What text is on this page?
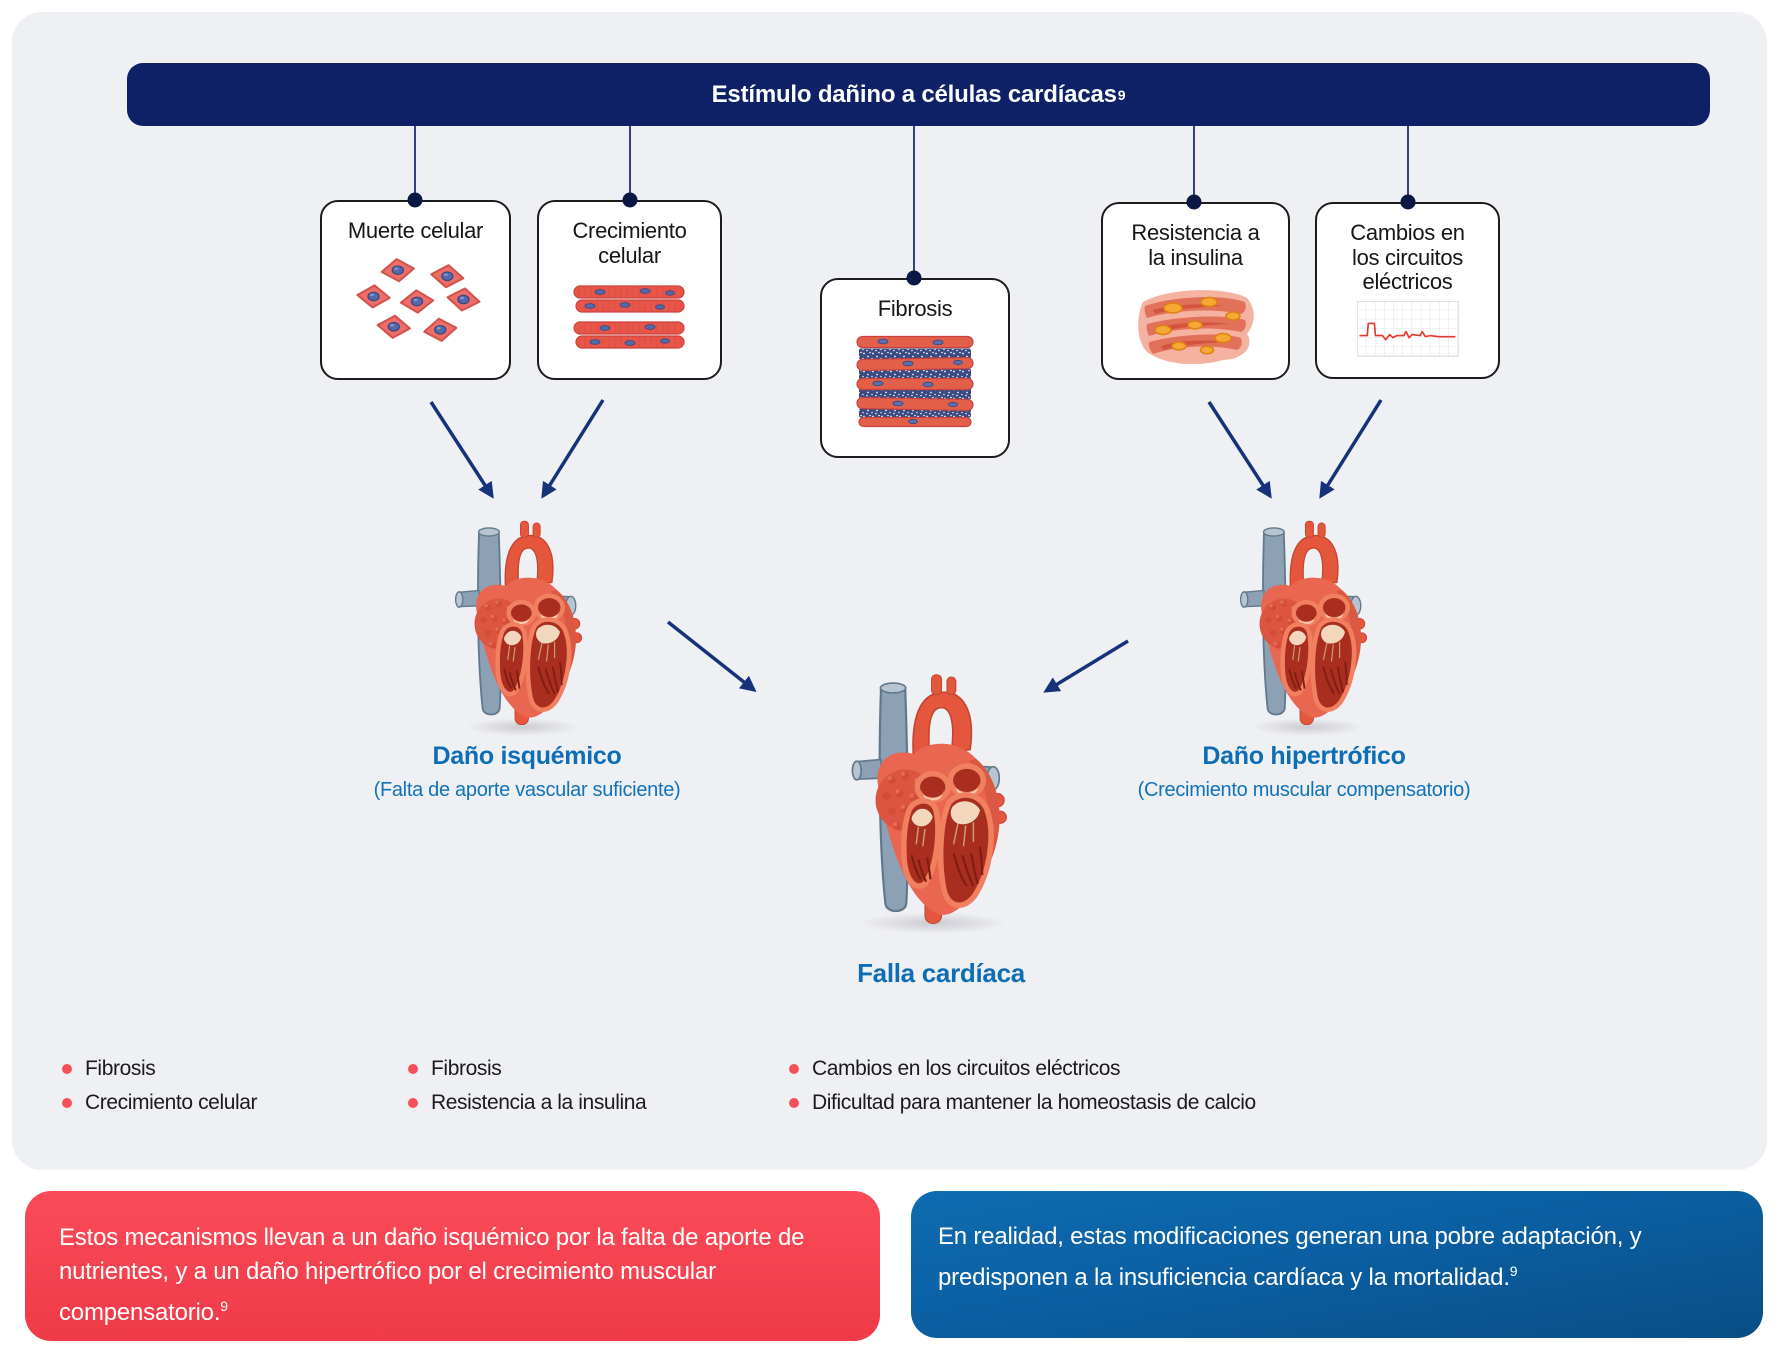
Estímulo dañino a células cardíacas 9
Muerte celular	Crecimiento celular
Fibrosis
Resistencia a la insulina
Cambios en los circuitos eléctricos
Daño isquémico
(Falta de aporte vascular suficiente)
Daño hipertrófico
(Crecimiento muscular compensatorio)
Falla cardíaca
Fibrosis
Crecimiento celular
Fibrosis
Resistencia a la insulina
Cambios en los circuitos eléctricos
Dificultad para mantener la homeostasis de calcio
Estos mecanismos llevan a un daño isquémico por la falta de aporte de nutrientes, y a un daño hipertrófico por el crecimiento muscular compensatorio.$^9$
En realidad, estas modificaciones generan una pobre adaptación, y predisponen a la insuficiencia cardíaca y la mortalidad.$^9$
